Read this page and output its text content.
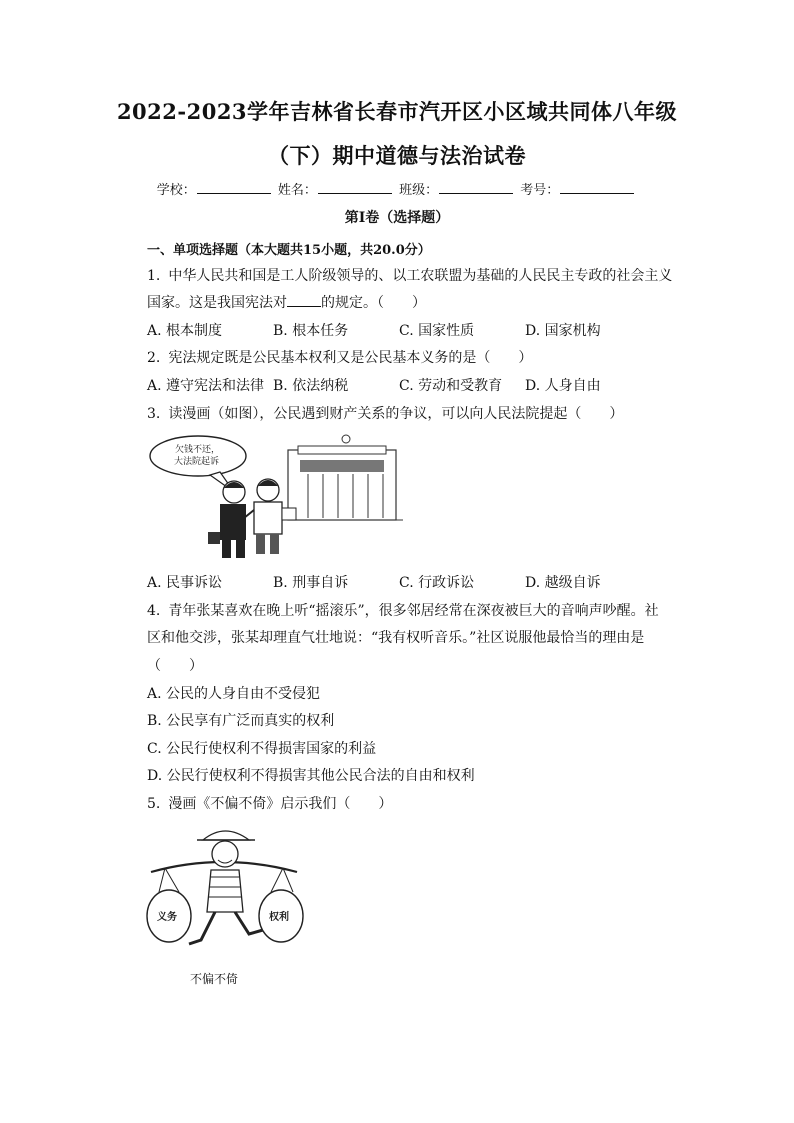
2022-2023学年吉林省长春市汽开区小区域共同体八年级
（下）期中道德与法治试卷
学校：	姓名：	班级：	考号：
第I卷（选择题）
一、单项选择题（本大题共15小题，共20.0分）
1. 中华人民共和国是工人阶级领导的、以工农联盟为基础的人民民主专政的社会主义
国家。这是我国宪法对 的规定。（　　）
A. 根本制度	B. 根本任务	C. 国家性质	D. 国家机构
2. 宪法规定既是公民基本权利又是公民基本义务的是（　　）
A. 遵守宪法和法律 B. 依法纳税	C. 劳动和受教育 D. 人身自由
3. 读漫画（如图），公民遇到财产关系的争议，可以向人民法院提起（　　）
欠钱不还，
大法院起诉
A. 民事诉讼	B. 刑事自诉	C. 行政诉讼	D. 越级自诉
4. 青年张某喜欢在晚上听“摇滚乐”，很多邻居经常在深夜被巨大的音响声吵醒。社
区和他交涉，张某却理直气壮地说：“我有权听音乐。”社区说服他最恰当的理由是
（　　）
A. 公民的人身自由不受侵犯
B. 公民享有广泛而真实的权利
C. 公民行使权利不得损害国家的利益
D. 公民行使权利不得损害其他公民合法的自由和权利
5. 漫画《不偏不倚》启示我们（　　）
义务	权利
不偏不倚
